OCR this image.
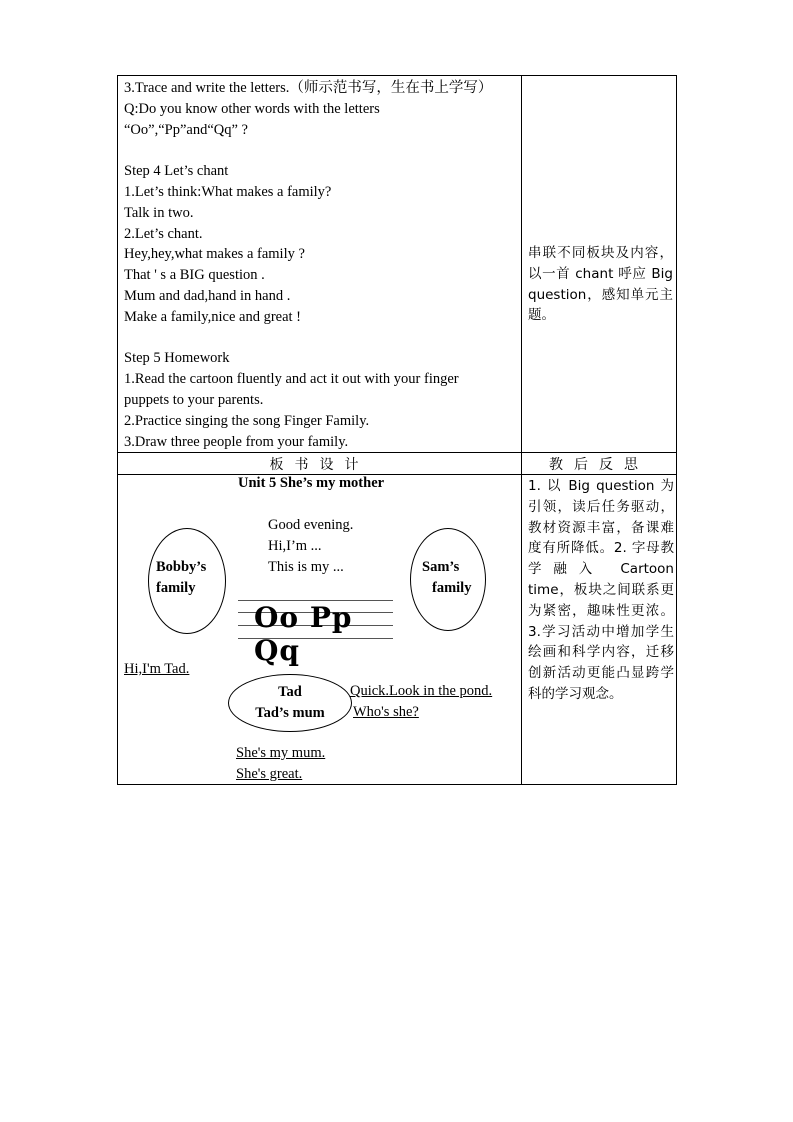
3.Trace and write the letters.（师示范书写，生在书上学写）
Q:Do you know other words with the letters
“Oo”,“Pp”and“Qq” ?
Step 4 Let’s chant
1.Let’s think:What makes a family?
Talk in two.
2.Let’s chant.
Hey,hey,what makes a family ?
That ' s a BIG question .
Mum and dad,hand in hand .
Make a family,nice and great !
Step 5 Homework
1.Read the cartoon fluently and act it out with your finger
puppets to your parents.
2.Practice singing the song Finger Family.
3.Draw three people from your family.
串联不同板块及内容，以一首 chant 呼应 Big question，感知单元主题。
板书设计	教后反思
Unit 5 She’s my mother
Good evening.
Hi,I’m ...
This is my ...
Bobby’s
family
Sam’s
family
Oo Pp Qq
Hi,I'm Tad.
Tad
Tad’s mum
Quick.Look in the pond.
Who's she?
She's my mum.
She's great.
1. 以 Big question 为引领，读后任务驱动，教材资源丰富，备课难度有所降低。2. 字母教学融入 Cartoon time，板块之间联系更为紧密，趣味性更浓。3.学习活动中增加学生绘画和科学内容，迁移创新活动更能凸显跨学科的学习观念。
